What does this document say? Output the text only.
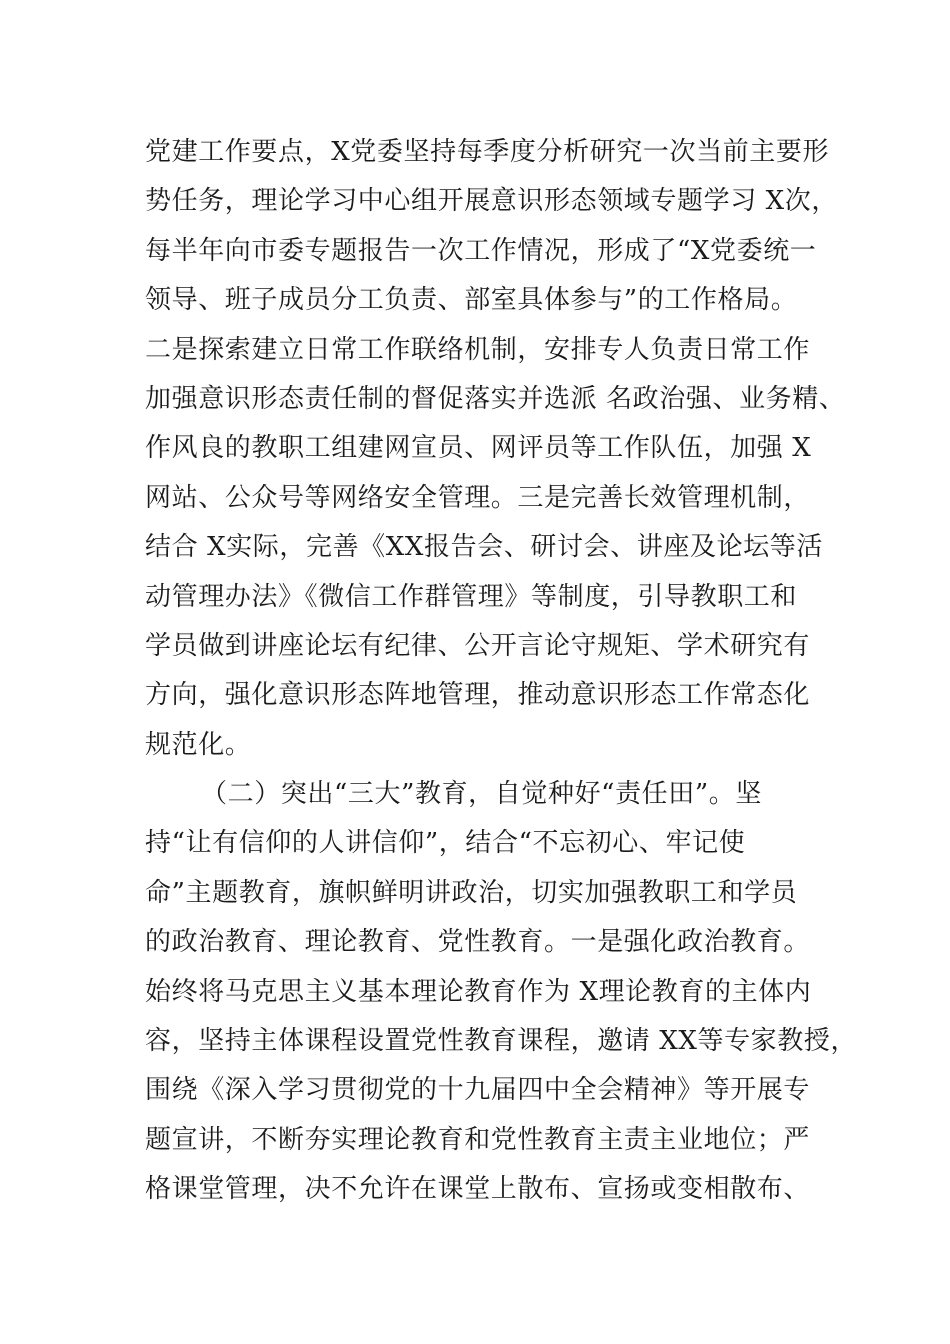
党建工作要点，X党委坚持每季度分析研究一次当前主要形
势任务，理论学习中心组开展意识形态领域专题学习 X次，
每半年向市委专题报告一次工作情况，形成了“X党委统一
领导、班子成员分工负责、部室具体参与”的工作格局。
二是探索建立日常工作联络机制，安排专人负责日常工作
加强意识形态责任制的督促落实并选派 名政治强、业务精、
作风良的教职工组建网宣员、网评员等工作队伍，加强 X
网站、公众号等网络安全管理。三是完善长效管理机制，
结合 X实际，完善《XX报告会、研讨会、讲座及论坛等活
动管理办法》《微信工作群管理》等制度，引导教职工和
学员做到讲座论坛有纪律、公开言论守规矩、学术研究有
方向，强化意识形态阵地管理，推动意识形态工作常态化
规范化。
（二）突出“三大”教育，自觉种好“责任田”。坚
持“让有信仰的人讲信仰”，结合“不忘初心、牢记使
命”主题教育，旗帜鲜明讲政治，切实加强教职工和学员
的政治教育、理论教育、党性教育。一是强化政治教育。
始终将马克思主义基本理论教育作为 X理论教育的主体内
容，坚持主体课程设置党性教育课程，邀请 XX等专家教授，
围绕《深入学习贯彻党的十九届四中全会精神》等开展专
题宣讲，不断夯实理论教育和党性教育主责主业地位；严
格课堂管理，决不允许在课堂上散布、宣扬或变相散布、
